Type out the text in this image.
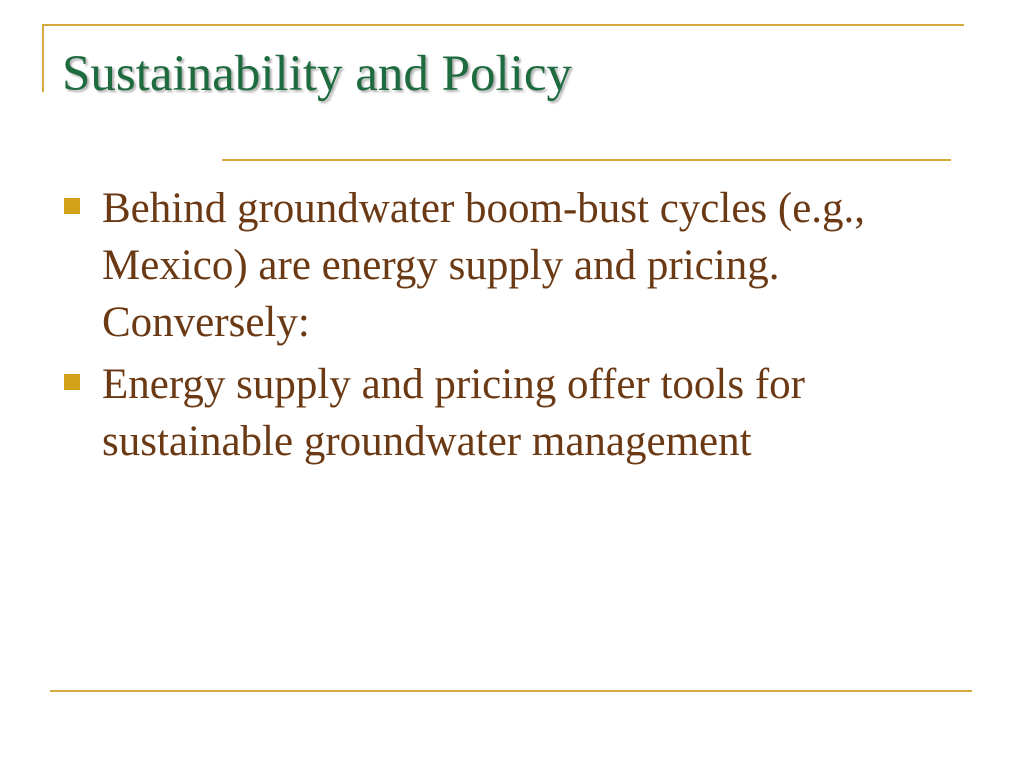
Sustainability and Policy
Behind groundwater boom-bust cycles (e.g., Mexico) are energy supply and pricing. Conversely:
Energy supply and pricing offer tools for sustainable groundwater management
